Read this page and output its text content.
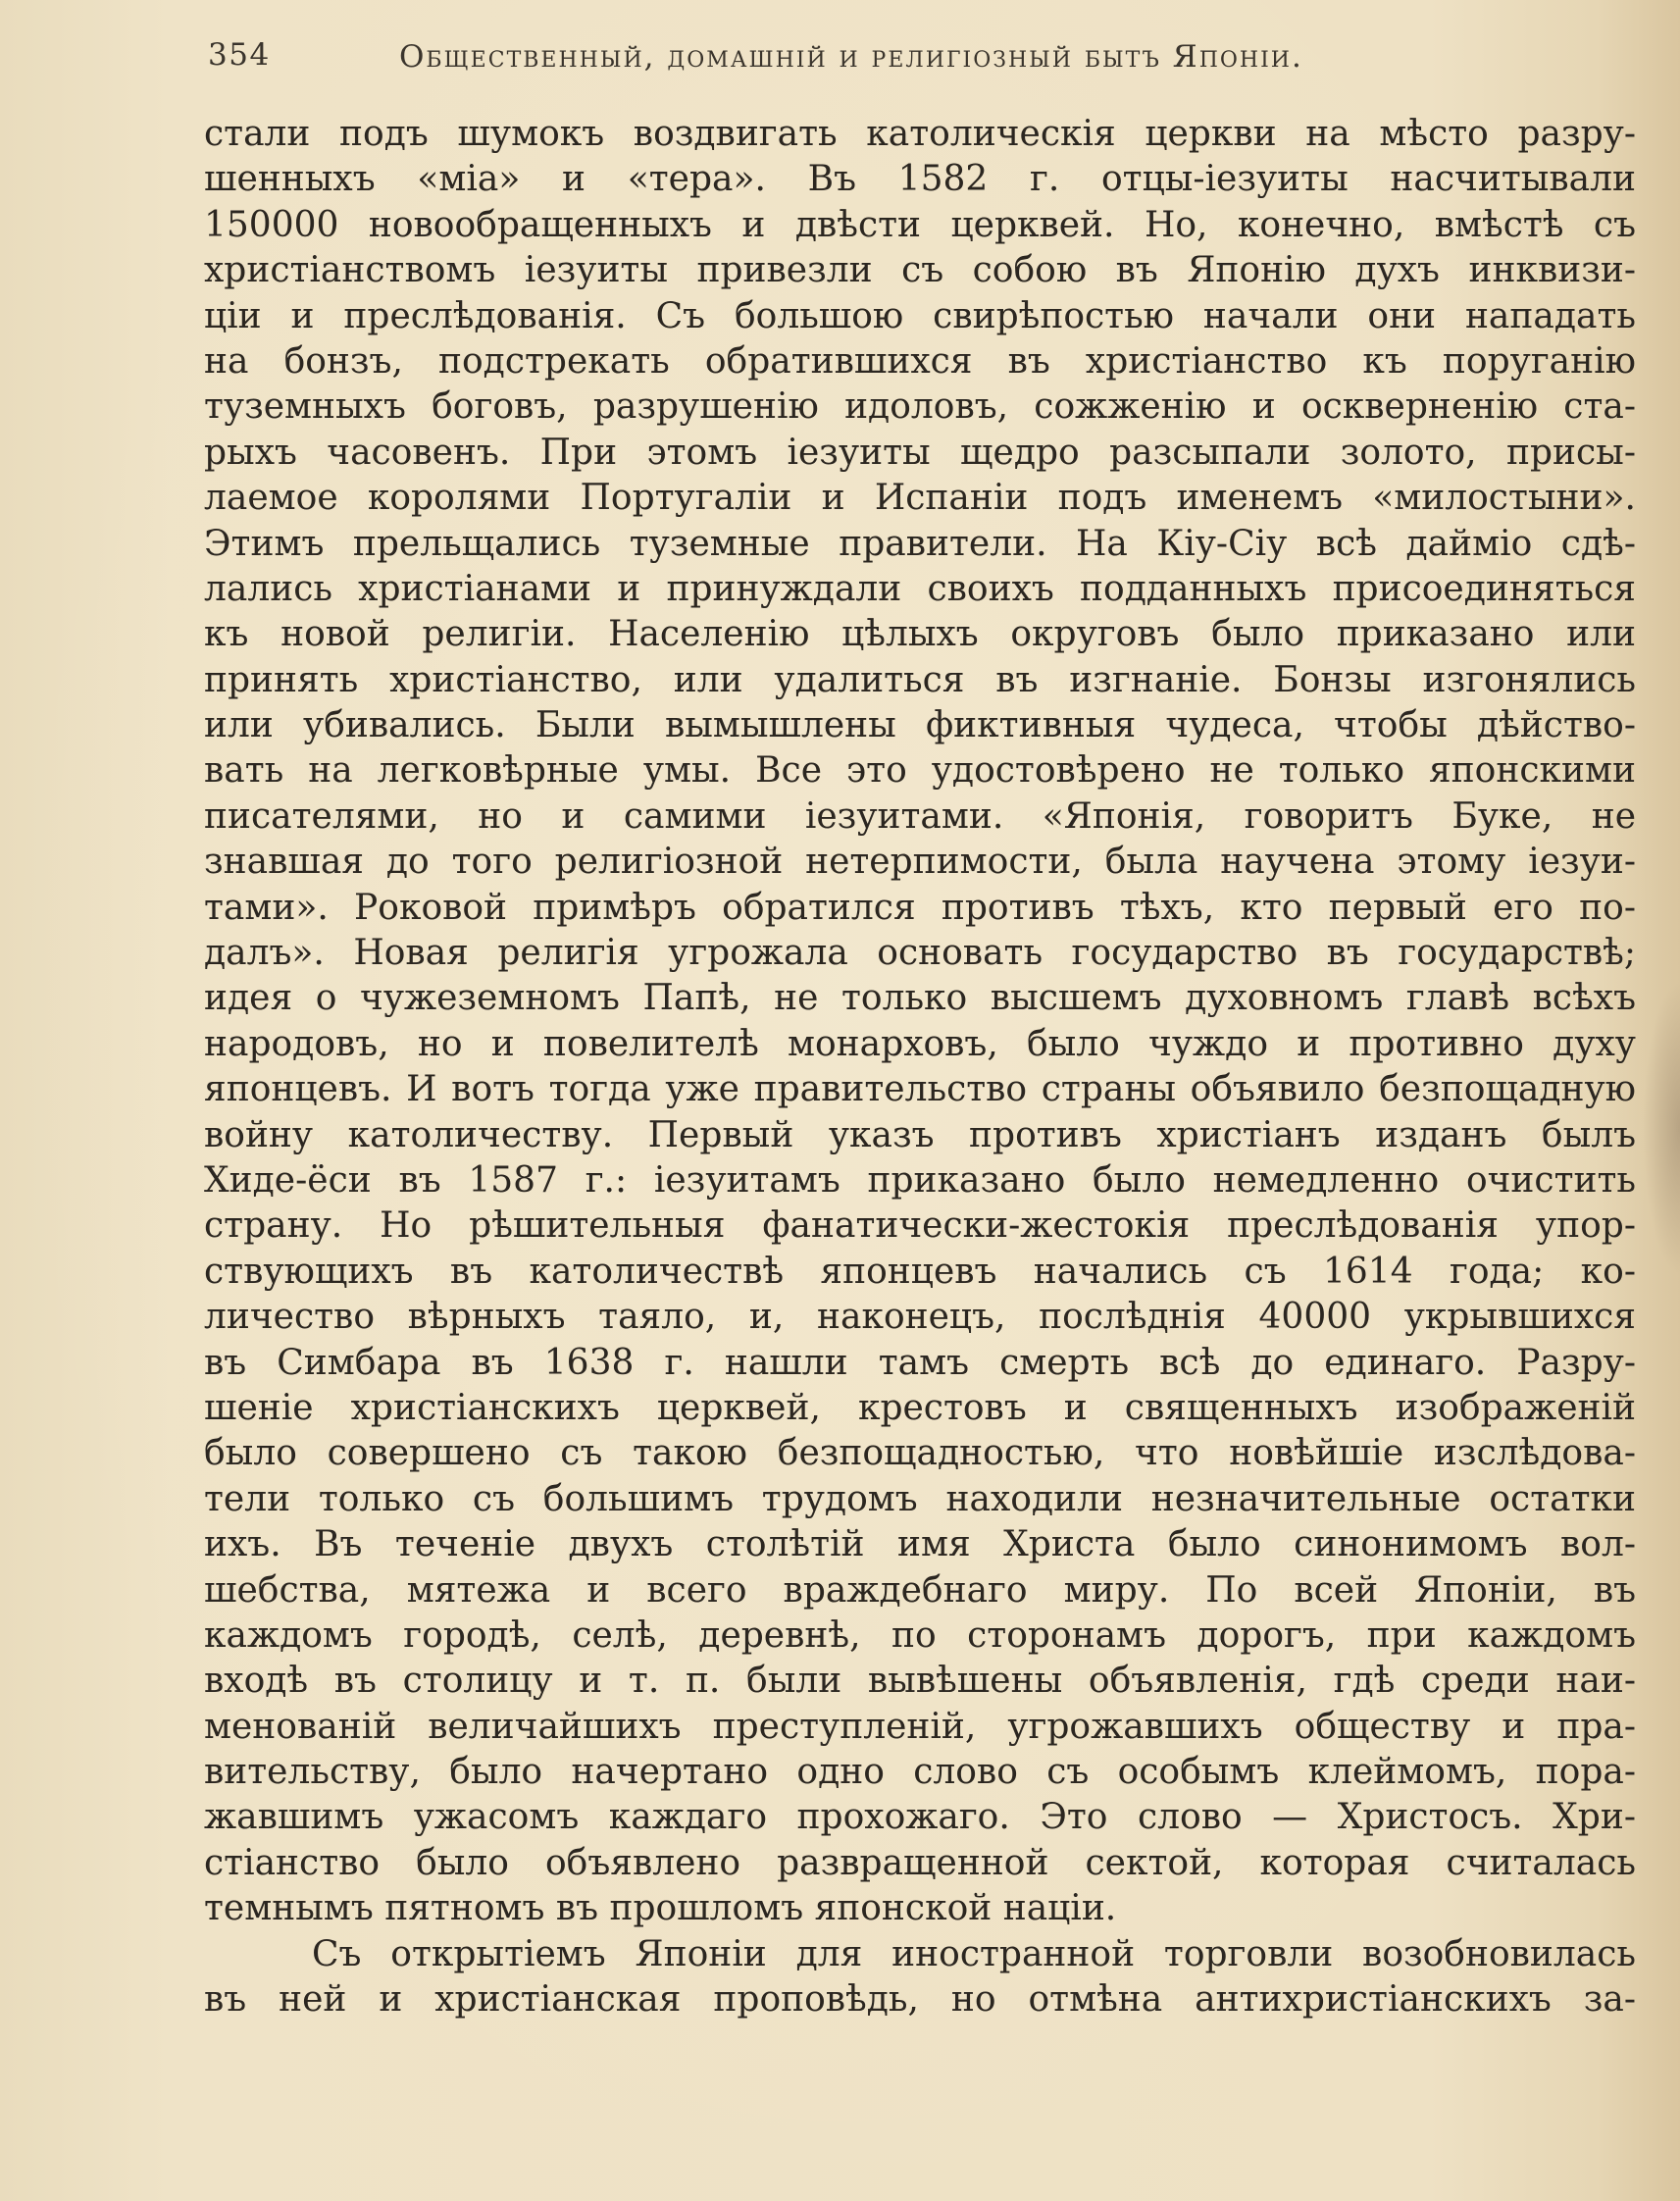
354	Общественный, домашній и религіозный бытъ Японіи.
стали подъ шумокъ воздвигать католическія церкви на мѣсто разру-
шенныхъ «міа» и «тера». Въ 1582 г. отцы-іезуиты насчитывали
150000 новообращенныхъ и двѣсти церквей. Но, конечно, вмѣстѣ съ
христіанствомъ іезуиты привезли съ собою въ Японію духъ инквизи-
ціи и преслѣдованія. Съ большою свирѣпостью начали они нападать
на бонзъ, подстрекать обратившихся въ христіанство къ поруганію
туземныхъ боговъ, разрушенію идоловъ, сожженію и оскверненію ста-
рыхъ часовенъ. При этомъ іезуиты щедро разсыпали золото, присы-
лаемое королями Португаліи и Испаніи подъ именемъ «милостыни».
Этимъ прельщались туземные правители. На Кіу-Сіу всѣ дайміо сдѣ-
лались христіанами и принуждали своихъ подданныхъ присоединяться
къ новой религіи. Населенію цѣлыхъ округовъ было приказано или
принять христіанство, или удалиться въ изгнаніе. Бонзы изгонялись
или убивались. Были вымышлены фиктивныя чудеса, чтобы дѣйство-
вать на легковѣрные умы. Все это удостовѣрено не только японскими
писателями, но и самими іезуитами. «Японія, говоритъ Буке, не
знавшая до того религіозной нетерпимости, была научена этому іезуи-
тами». Роковой примѣръ обратился противъ тѣхъ, кто первый его по-
далъ». Новая религія угрожала основать государство въ государствѣ;
идея о чужеземномъ Папѣ, не только высшемъ духовномъ главѣ всѣхъ
народовъ, но и повелителѣ монарховъ, было чуждо и противно духу
японцевъ. И вотъ тогда уже правительство страны объявило безпощадную
войну католичеству. Первый указъ противъ христіанъ изданъ былъ
Хиде-ёси въ 1587 г.: іезуитамъ приказано было немедленно очистить
страну. Но рѣшительныя фанатически-жестокія преслѣдованія упор-
ствующихъ въ католичествѣ японцевъ начались съ 1614 года; ко-
личество вѣрныхъ таяло, и, наконецъ, послѣднія 40000 укрывшихся
въ Симбара въ 1638 г. нашли тамъ смерть всѣ до единаго. Разру-
шеніе христіанскихъ церквей, крестовъ и священныхъ изображеній
было совершено съ такою безпощадностью, что новѣйшіе изслѣдова-
тели только съ большимъ трудомъ находили незначительные остатки
ихъ. Въ теченіе двухъ столѣтій имя Христа было синонимомъ вол-
шебства, мятежа и всего враждебнаго миру. По всей Японіи, въ
каждомъ городѣ, селѣ, деревнѣ, по сторонамъ дорогъ, при каждомъ
входѣ въ столицу и т. п. были вывѣшены объявленія, гдѣ среди наи-
менованій величайшихъ преступленій, угрожавшихъ обществу и пра-
вительству, было начертано одно слово съ особымъ клеймомъ, пора-
жавшимъ ужасомъ каждаго прохожаго. Это слово — Христосъ. Хри-
стіанство было объявлено развращенной сектой, которая считалась
темнымъ пятномъ въ прошломъ японской націи.
Съ открытіемъ Японіи для иностранной торговли возобновилась
въ ней и христіанская проповѣдь, но отмѣна антихристіанскихъ за-
